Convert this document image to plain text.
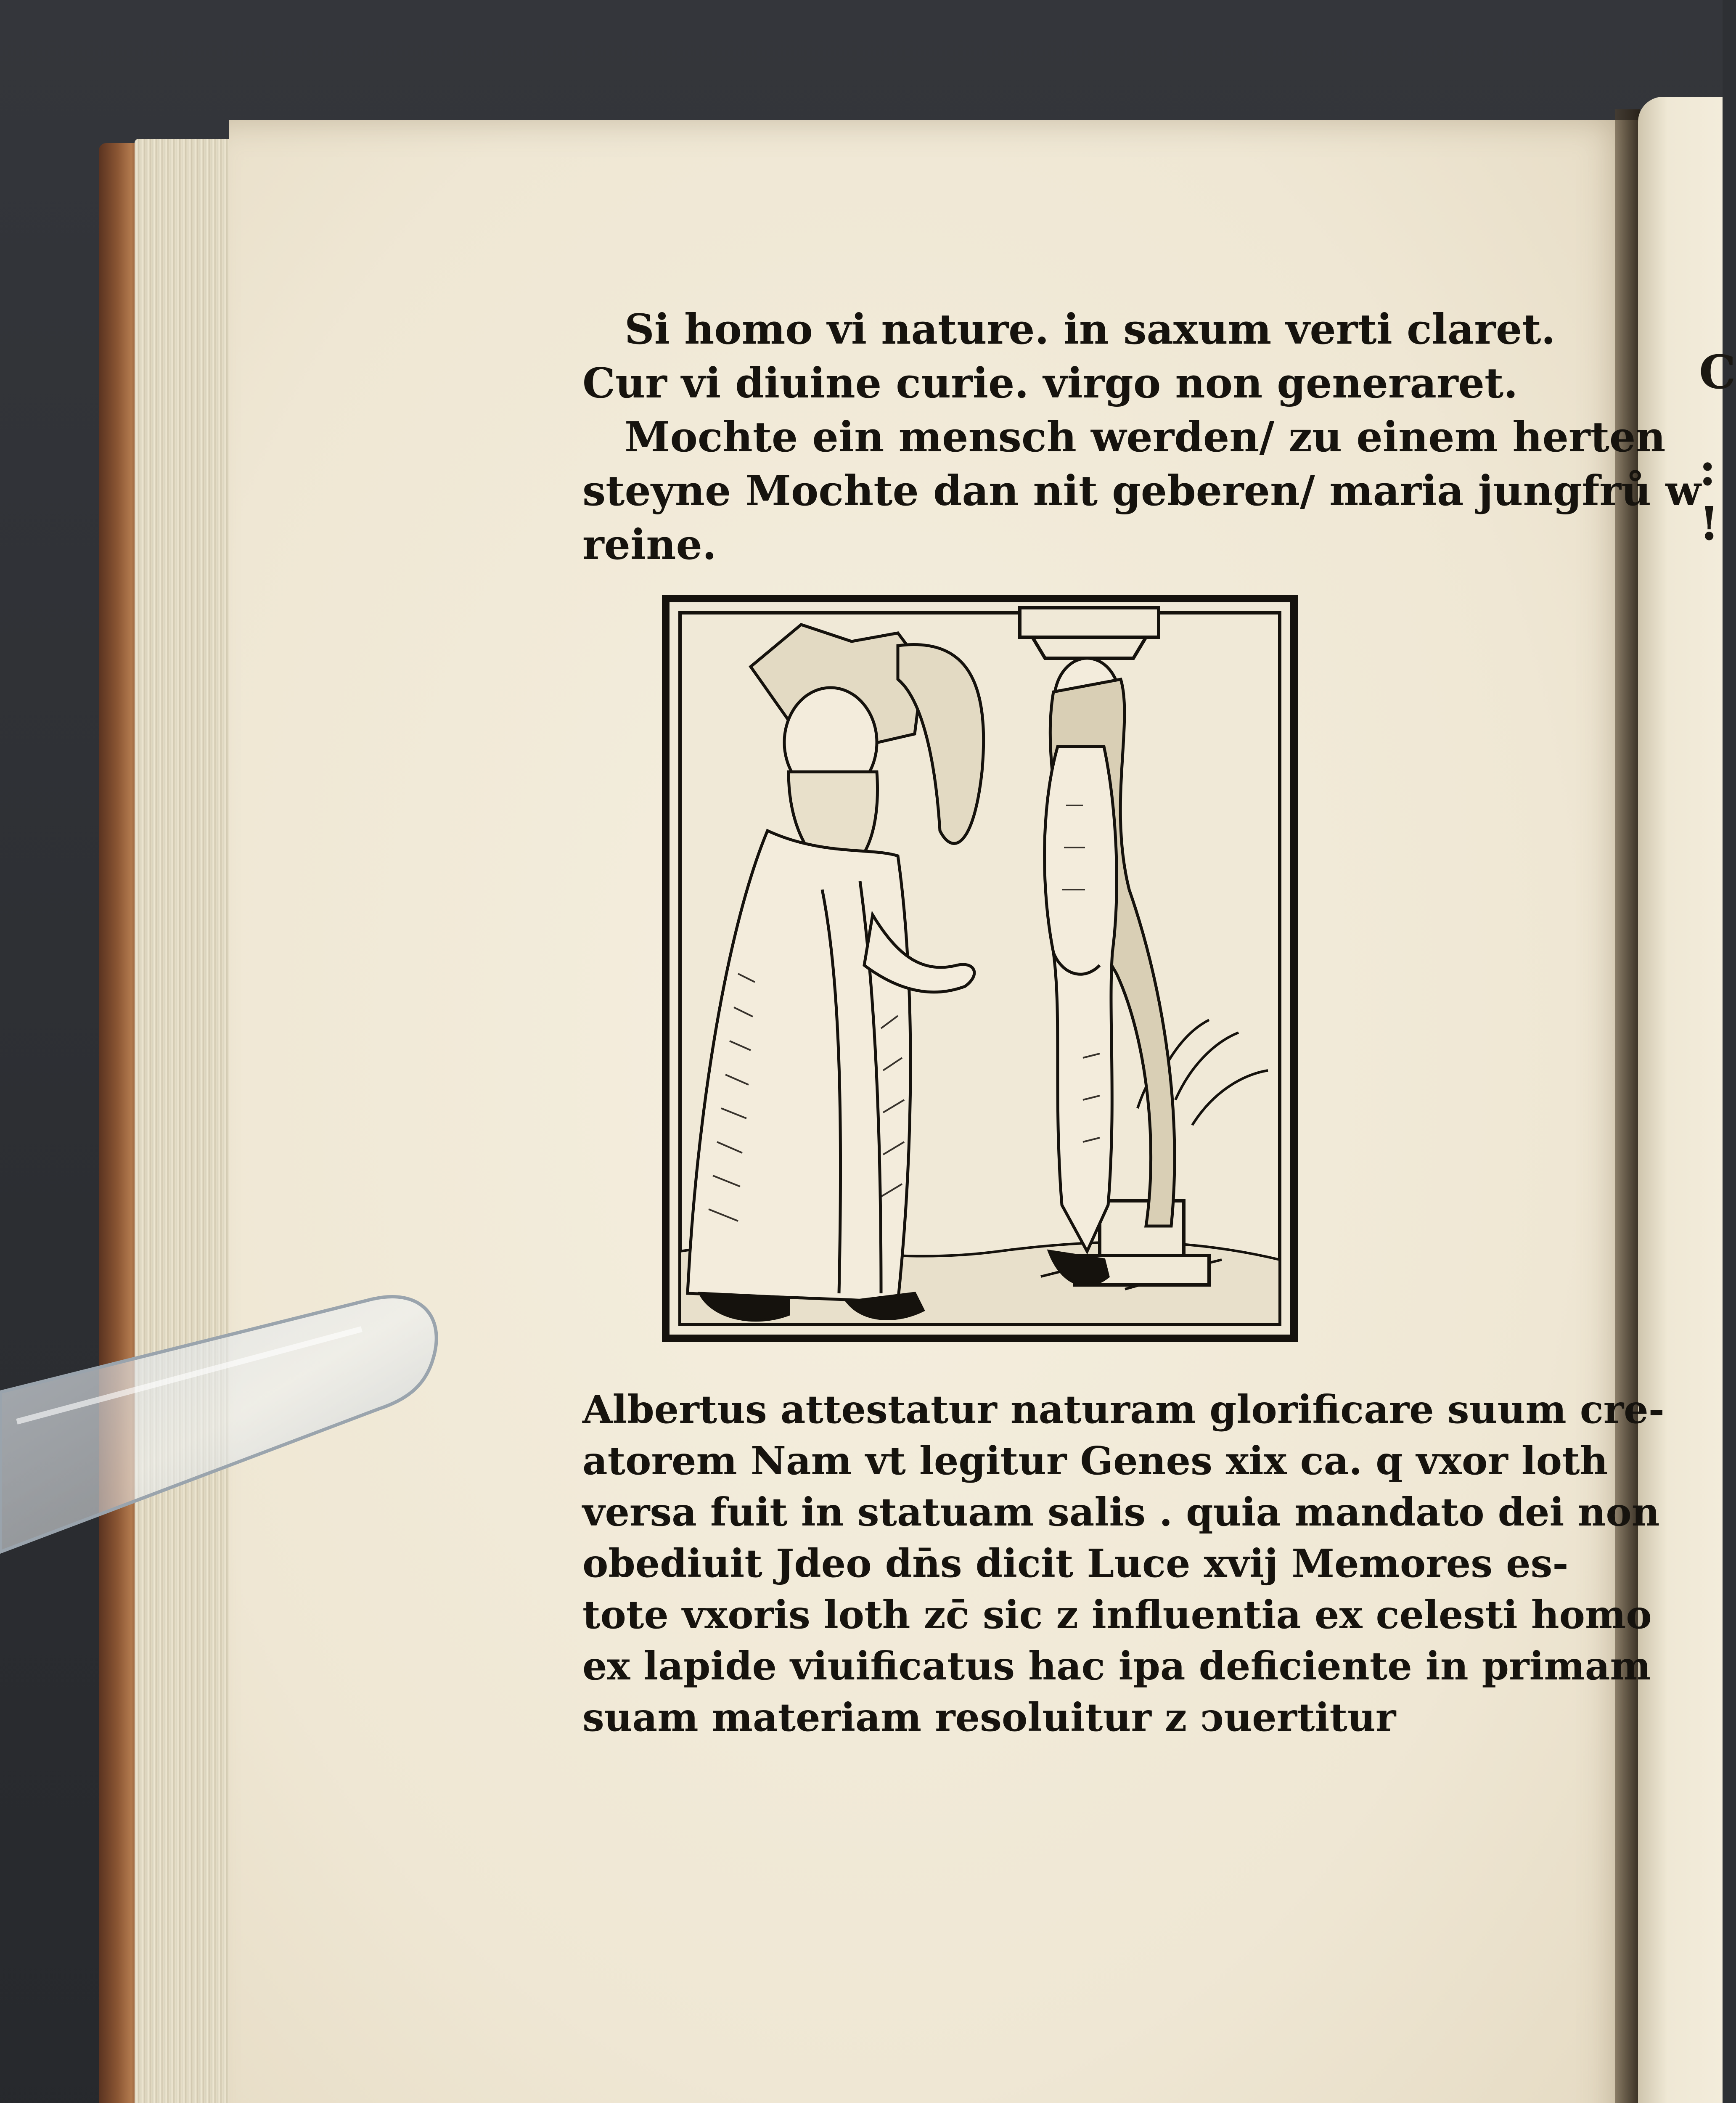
C
:
!
Si homo vi nature. in saxum verti claret.
Cur vi diuine curie. virgo non generaret.
Mochte ein mensch werden/ zu einem herten
steyne Mochte dan nit geberen/ maria jungfrů w
reine.
Albertus attestatur naturam glorificare suum cre-
atorem Nam vt legitur Genes xix ca. q vxor loth
versa fuit in statuam salis . quia mandato dei non
obediuit Jdeo dn̄s dicit Luce xvij Memores es-
tote vxoris loth zc̄ sic z influentia ex celesti homo
ex lapide viuificatus hac ipa deficiente in primam
suam materiam resoluitur z ↄuertitur
